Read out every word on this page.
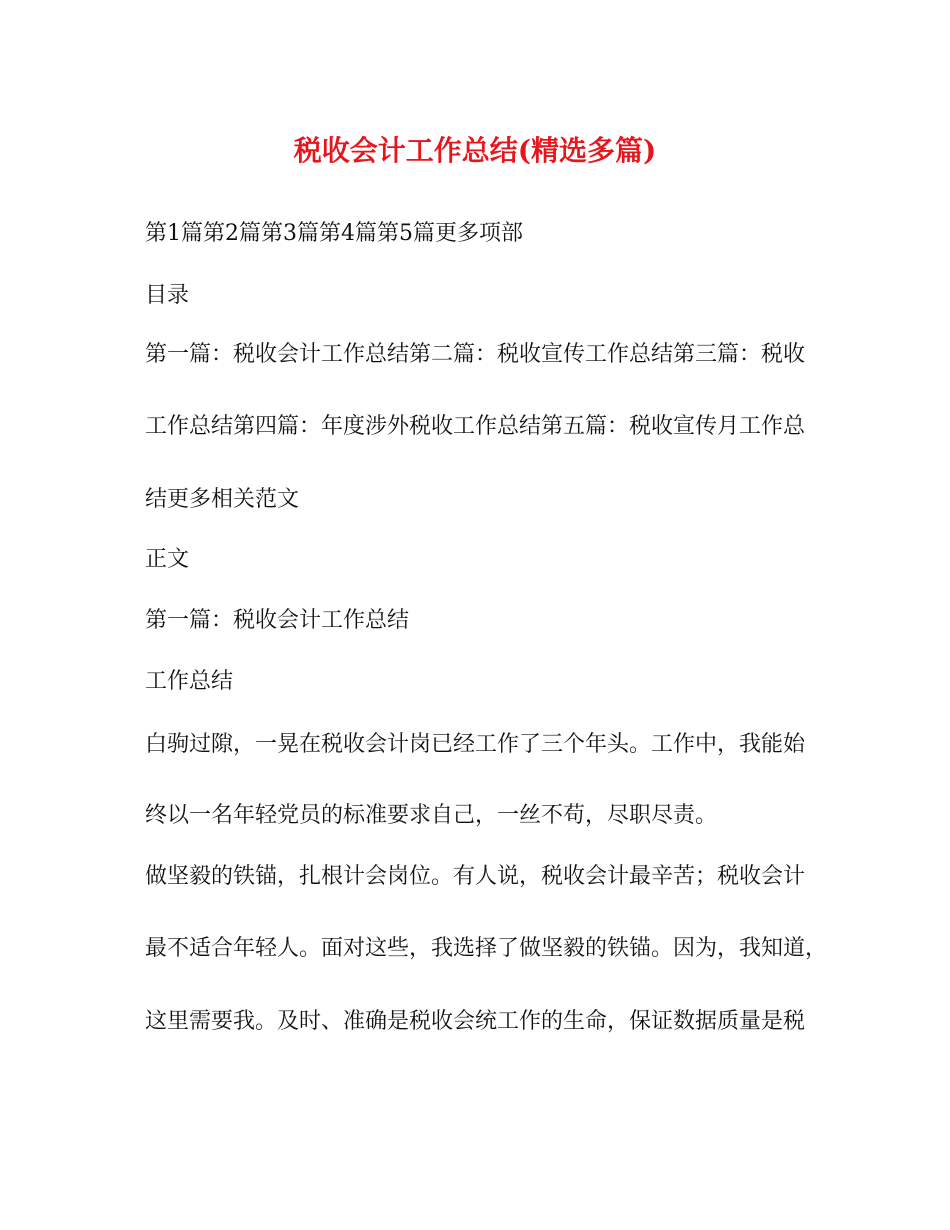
税收会计工作总结(精选多篇)
第1篇第2篇第3篇第4篇第5篇更多项部
目录
第一篇：税收会计工作总结第二篇：税收宣传工作总结第三篇：税收
工作总结第四篇：年度涉外税收工作总结第五篇：税收宣传月工作总
结更多相关范文
正文
第一篇：税收会计工作总结
工作总结
白驹过隙，一晃在税收会计岗已经工作了三个年头。工作中，我能始
终以一名年轻党员的标准要求自己，一丝不苟，尽职尽责。
做坚毅的铁锚，扎根计会岗位。有人说，税收会计最辛苦；税收会计
最不适合年轻人。面对这些，我选择了做坚毅的铁锚。因为，我知道，
这里需要我。及时、准确是税收会统工作的生命，保证数据质量是税
